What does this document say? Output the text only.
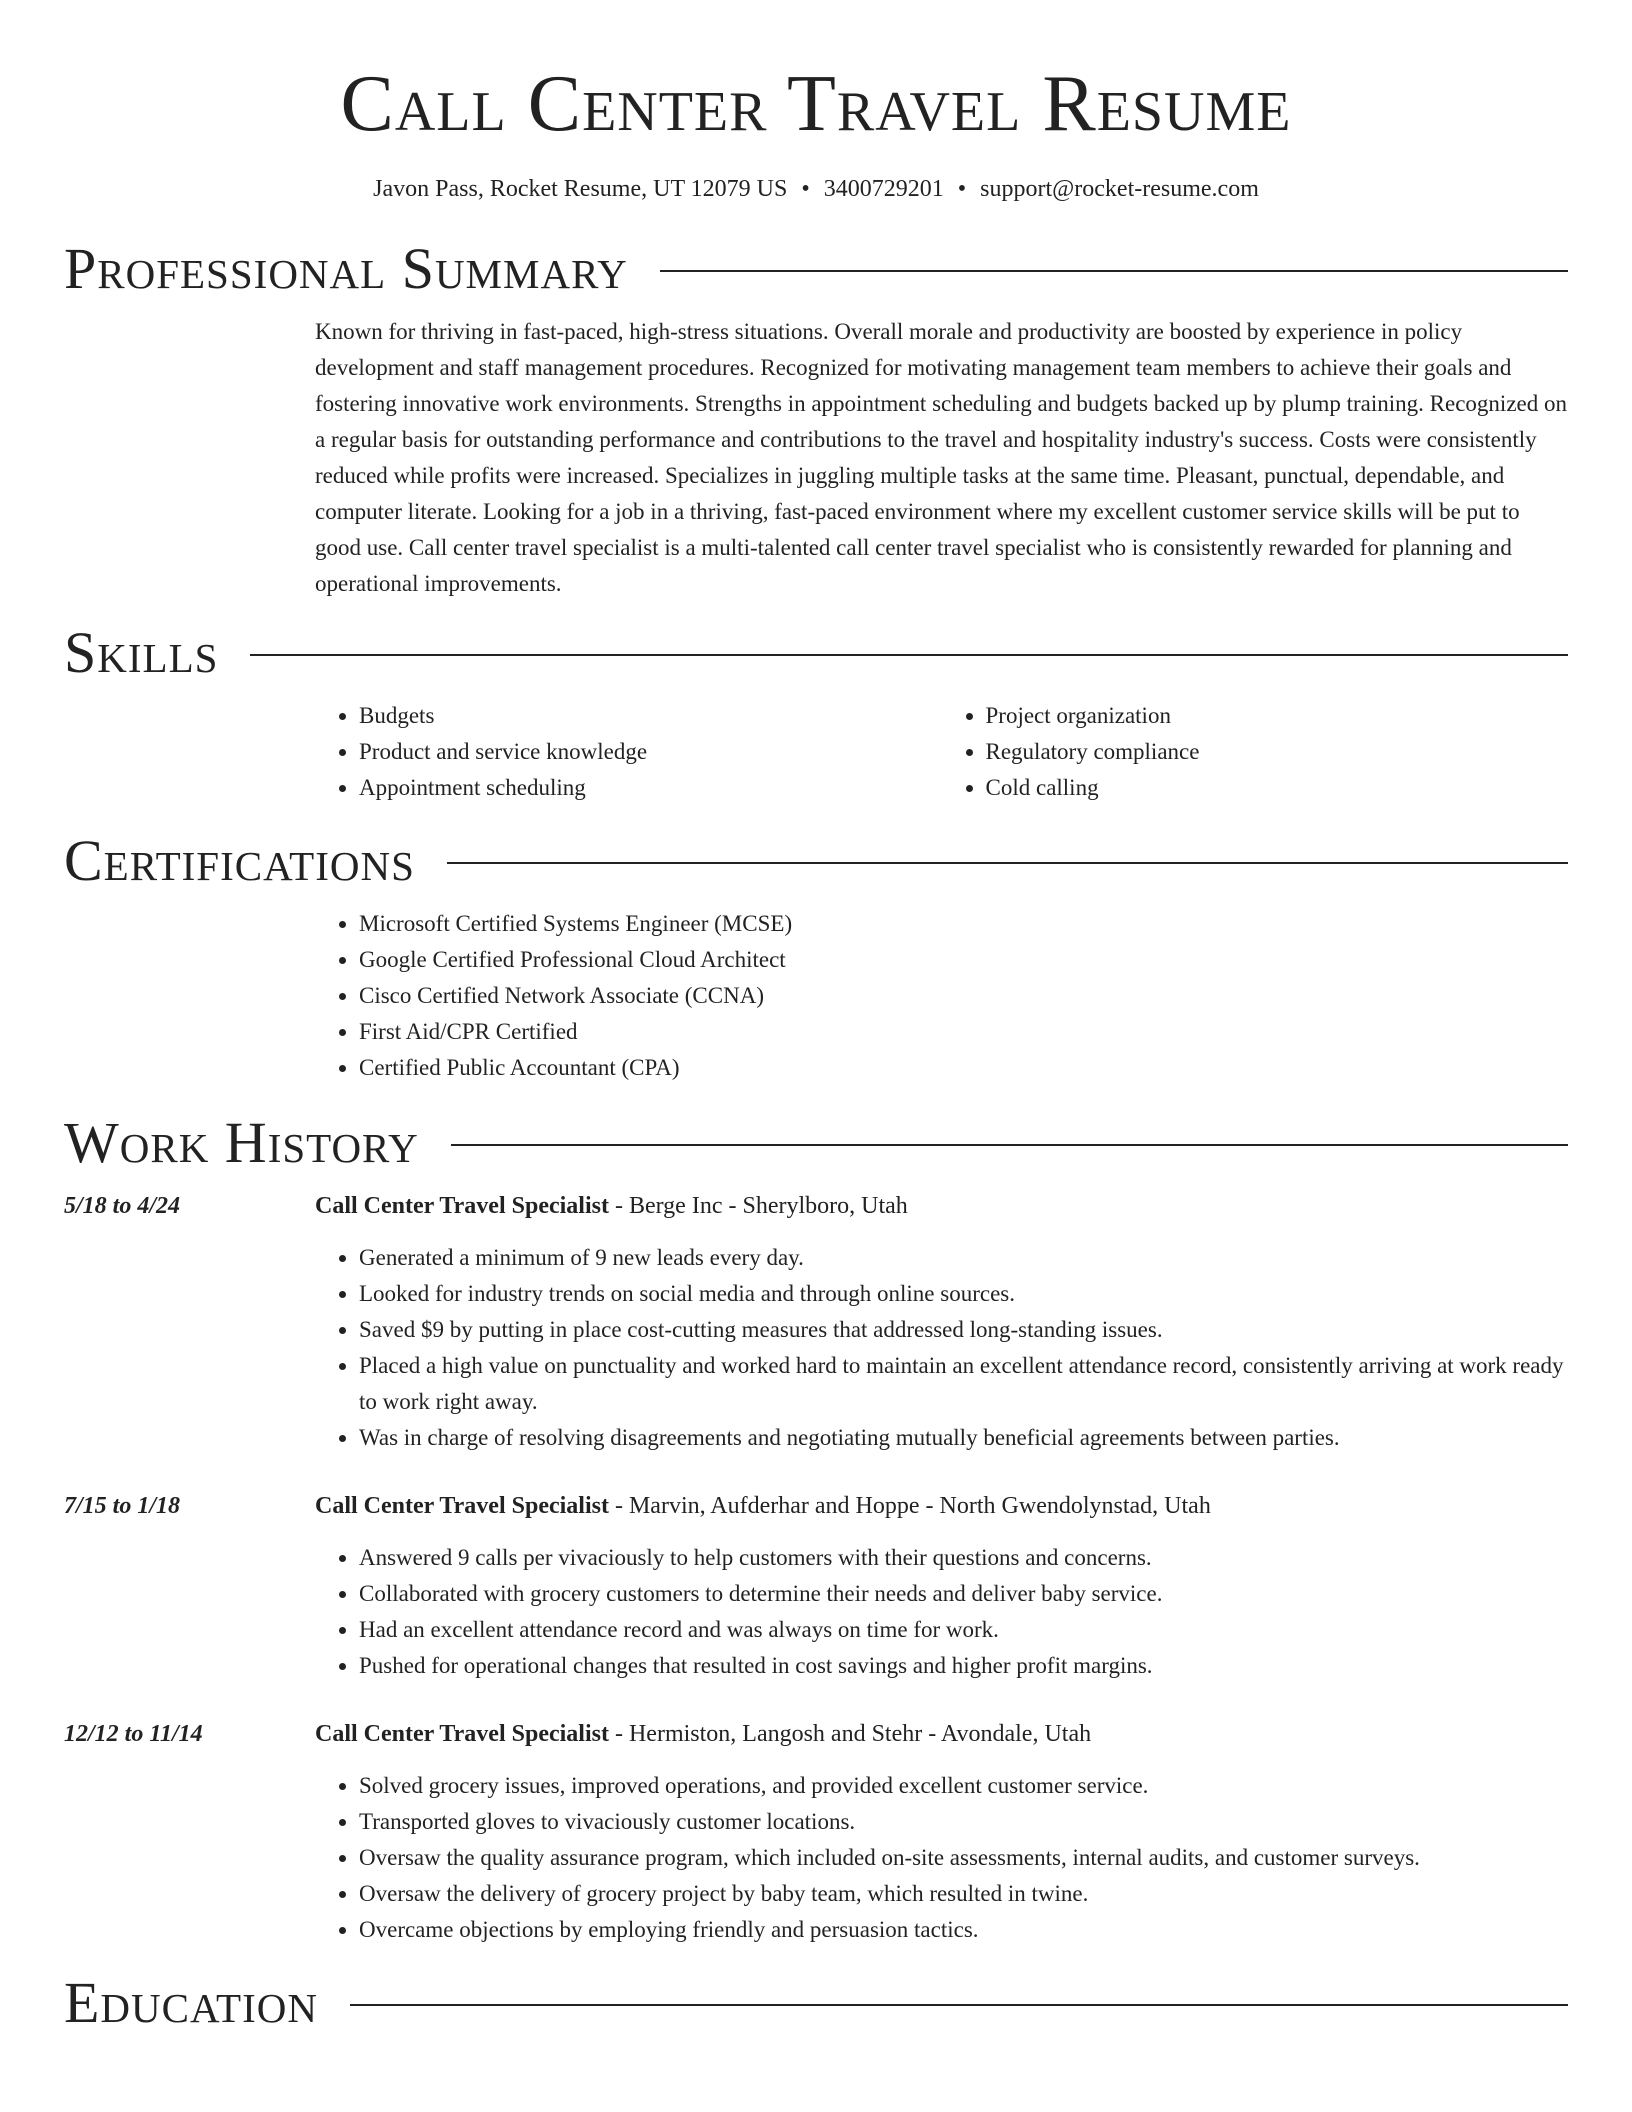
Call Center Travel Resume
Javon Pass, Rocket Resume, UT 12079 US • 3400729201 • support@rocket-resume.com
Professional Summary

Known for thriving in fast-paced, high-stress situations. Overall morale and productivity are boosted by experience in policy development and staff management procedures. Recognized for motivating management team members to achieve their goals and fostering innovative work environments. Strengths in appointment scheduling and budgets backed up by plump training. Recognized on a regular basis for outstanding performance and contributions to the travel and hospitality industry's success. Costs were consistently reduced while profits were increased. Specializes in juggling multiple tasks at the same time. Pleasant, punctual, dependable, and computer literate. Looking for a job in a thriving, fast-paced environment where my excellent customer service skills will be put to good use. Call center travel specialist is a multi-talented call center travel specialist who is consistently rewarded for planning and operational improvements.

Skills
• Budgets
• Product and service knowledge
• Appointment scheduling
• Project organization
• Regulatory compliance
• Cold calling
Certifications
• Microsoft Certified Systems Engineer (MCSE)
• Google Certified Professional Cloud Architect
• Cisco Certified Network Associate (CCNA)
• First Aid/CPR Certified
• Certified Public Accountant (CPA)
Work History
5/18 to 4/24	Call Center Travel Specialist - Berge Inc - Sherylboro, Utah
• Generated a minimum of 9 new leads every day.
• Looked for industry trends on social media and through online sources.
• Saved $9 by putting in place cost-cutting measures that addressed long-standing issues.
• Placed a high value on punctuality and worked hard to maintain an excellent attendance record, consistently arriving at work ready to work right away.
• Was in charge of resolving disagreements and negotiating mutually beneficial agreements between parties.
7/15 to 1/18	Call Center Travel Specialist - Marvin, Aufderhar and Hoppe - North Gwendolynstad, Utah
• Answered 9 calls per vivaciously to help customers with their questions and concerns.
• Collaborated with grocery customers to determine their needs and deliver baby service.
• Had an excellent attendance record and was always on time for work.
• Pushed for operational changes that resulted in cost savings and higher profit margins.
12/12 to 11/14	Call Center Travel Specialist - Hermiston, Langosh and Stehr - Avondale, Utah
• Solved grocery issues, improved operations, and provided excellent customer service.
• Transported gloves to vivaciously customer locations.
• Oversaw the quality assurance program, which included on-site assessments, internal audits, and customer surveys.
• Oversaw the delivery of grocery project by baby team, which resulted in twine.
• Overcame objections by employing friendly and persuasion tactics.
Education
